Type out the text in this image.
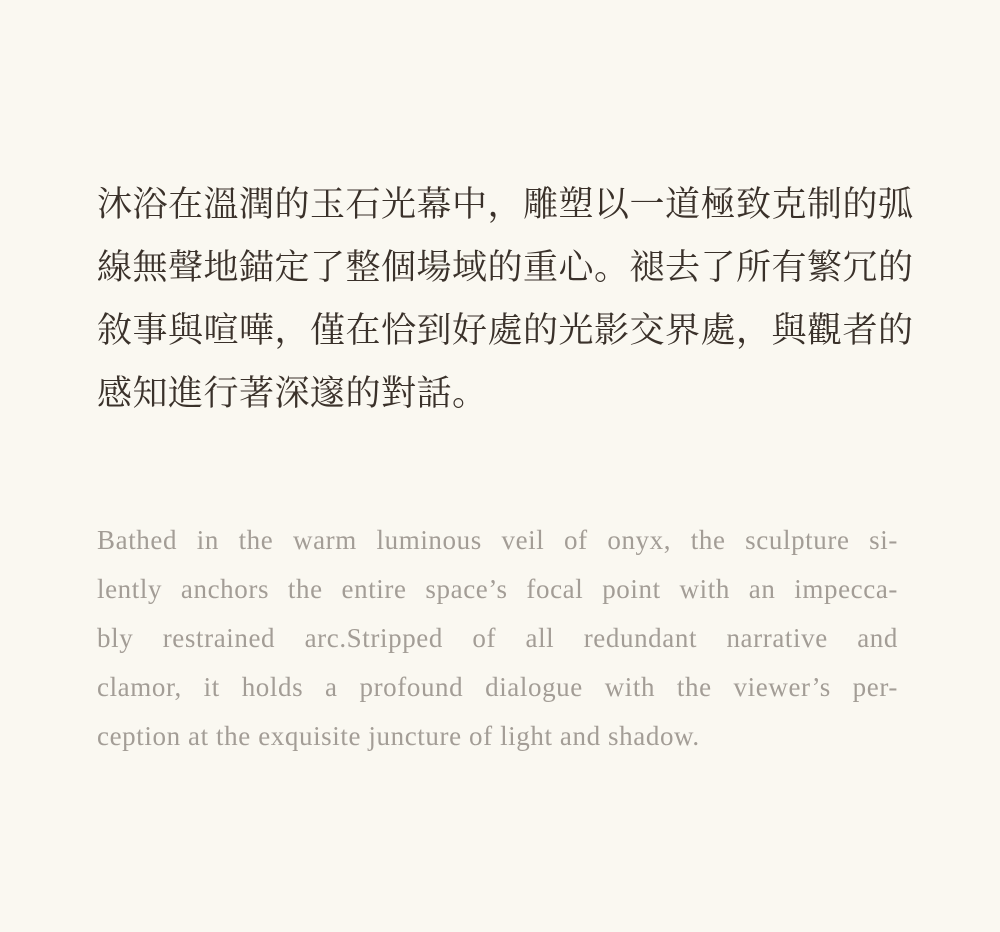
沐浴在溫潤的玉石光幕中，雕塑以一道極致克制的弧
線無聲地錨定了整個場域的重心。褪去了所有繁冗的
敘事與喧嘩，僅在恰到好處的光影交界處，與觀者的
感知進行著深邃的對話。
Bathed in the warm luminous veil of onyx, the sculpture si-
lently anchors the entire space’s focal point with an impecca-
bly restrained arc.Stripped of all redundant narrative and
clamor, it holds a profound dialogue with the viewer’s per-
ception at the exquisite juncture of light and shadow.
